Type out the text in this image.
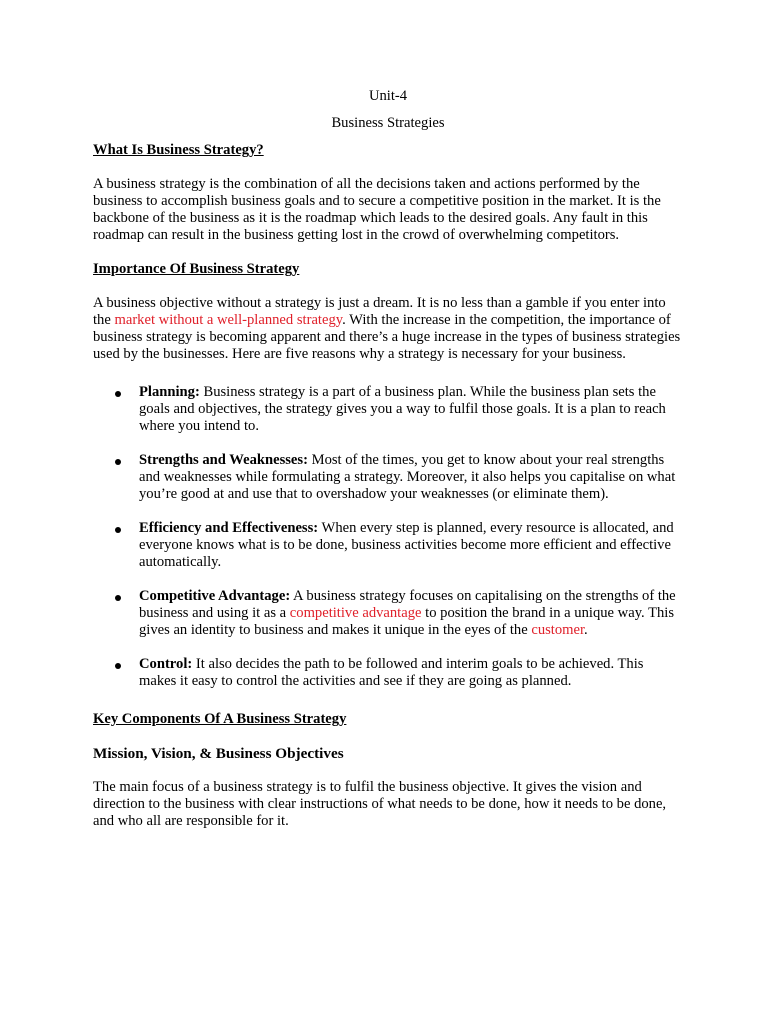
Unit-4

Business Strategies

What Is Business Strategy?

A business strategy is the combination of all the decisions taken and actions performed by the business to accomplish business goals and to secure a competitive position in the market. It is the backbone of the business as it is the roadmap which leads to the desired goals. Any fault in this roadmap can result in the business getting lost in the crowd of overwhelming competitors.

Importance Of Business Strategy

A business objective without a strategy is just a dream. It is no less than a gamble if you enter into the market without a well-planned strategy. With the increase in the competition, the importance of business strategy is becoming apparent and there’s a huge increase in the types of business strategies used by the businesses. Here are five reasons why a strategy is necessary for your business.

Planning: Business strategy is a part of a business plan. While the business plan sets the goals and objectives, the strategy gives you a way to fulfil those goals. It is a plan to reach where you intend to.
Strengths and Weaknesses: Most of the times, you get to know about your real strengths and weaknesses while formulating a strategy. Moreover, it also helps you capitalise on what you’re good at and use that to overshadow your weaknesses (or eliminate them).
Efficiency and Effectiveness: When every step is planned, every resource is allocated, and everyone knows what is to be done, business activities become more efficient and effective automatically.
Competitive Advantage: A business strategy focuses on capitalising on the strengths of the business and using it as a competitive advantage to position the brand in a unique way. This gives an identity to business and makes it unique in the eyes of the customer.
Control: It also decides the path to be followed and interim goals to be achieved. This makes it easy to control the activities and see if they are going as planned.
Key Components Of A Business Strategy
Mission, Vision, & Business Objectives

The main focus of a business strategy is to fulfil the business objective. It gives the vision and direction to the business with clear instructions of what needs to be done, how it needs to be done, and who all are responsible for it.
